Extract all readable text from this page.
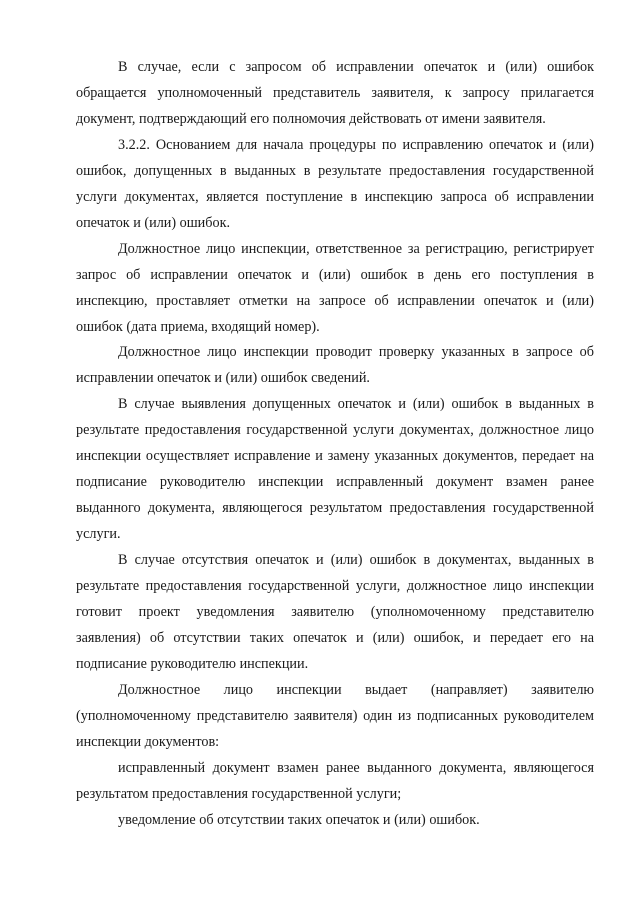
В случае, если с запросом об исправлении опечаток и (или) ошибок обращается уполномоченный представитель заявителя, к запросу прилагается документ, подтверждающий его полномочия действовать от имени заявителя.

3.2.2. Основанием для начала процедуры по исправлению опечаток и (или) ошибок, допущенных в выданных в результате предоставления государственной услуги документах, является поступление в инспекцию запроса об исправлении опечаток и (или) ошибок.

Должностное лицо инспекции, ответственное за регистрацию, регистрирует запрос об исправлении опечаток и (или) ошибок в день его поступления в инспекцию, проставляет отметки на запросе об исправлении опечаток и (или) ошибок (дата приема, входящий номер).

Должностное лицо инспекции проводит проверку указанных в запросе об исправлении опечаток и (или) ошибок сведений.

В случае выявления допущенных опечаток и (или) ошибок в выданных в результате предоставления государственной услуги документах, должностное лицо инспекции осуществляет исправление и замену указанных документов, передает на подписание руководителю инспекции исправленный документ взамен ранее выданного документа, являющегося результатом предоставления государственной услуги.

В случае отсутствия опечаток и (или) ошибок в документах, выданных в результате предоставления государственной услуги, должностное лицо инспекции готовит проект уведомления заявителю (уполномоченному представителю заявления) об отсутствии таких опечаток и (или) ошибок, и передает его на подписание руководителю инспекции.

Должностное лицо инспекции выдает (направляет) заявителю (уполномоченному представителю заявителя) один из подписанных руководителем инспекции документов:

исправленный документ взамен ранее выданного документа, являющегося результатом предоставления государственной услуги;

уведомление об отсутствии таких опечаток и (или) ошибок.
